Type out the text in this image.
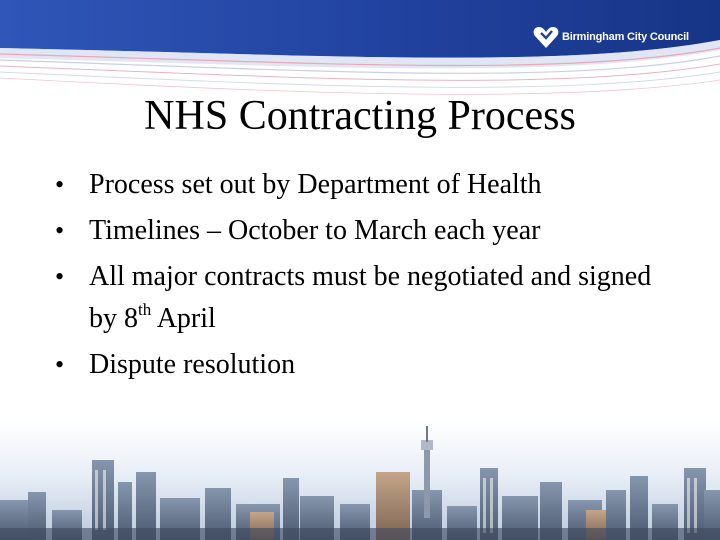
Birmingham City Council
NHS Contracting Process
• Process set out by Department of Health
• Timelines – October to March each year
• All major contracts must be negotiated and signed by 8th April
• Dispute resolution
